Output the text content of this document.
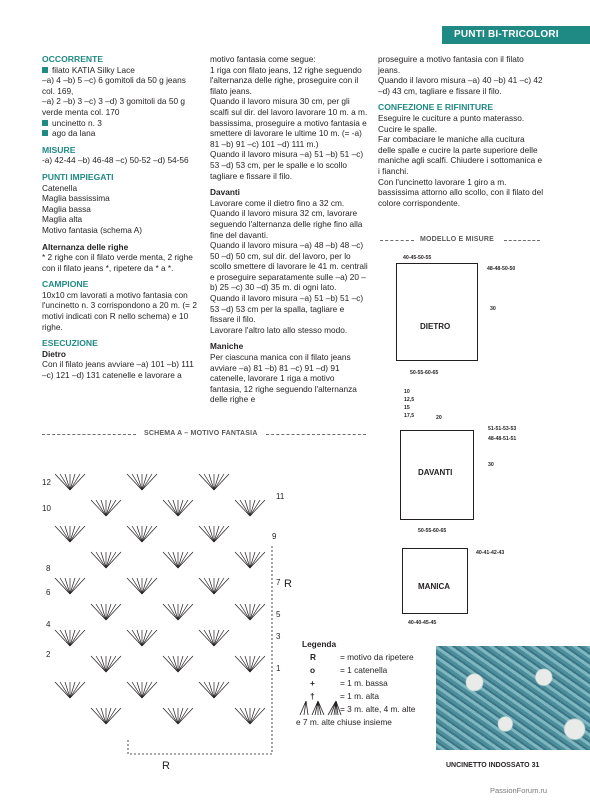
PUNTI BI-TRICOLORI

OCCORRENTE

filato KATIA Silky Lace

–a) 4 –b) 5 –c) 6 gomitoli da 50 g jeans col. 169,

–a) 2 –b) 3 –c) 3 –d) 3 gomitoli da 50 g verde menta col. 170

uncinetto n. 3

ago da lana

MISURE

-a) 42-44 –b) 46-48 –c) 50-52 –d) 54-56

PUNTI IMPIEGATI

Catenella

Maglia bassissima

Maglia bassa

Maglia alta

Motivo fantasia (schema A)

Alternanza delle righe

* 2 righe con il filato verde menta, 2 righe con il filato jeans *, ripetere da * a *.

CAMPIONE

10x10 cm lavorati a motivo fantasia con l'uncinetto n. 3 corrispondono a 20 m. (= 2 motivi indicati con R nello schema) e 10 righe.

ESECUZIONE

Dietro

Con il filato jeans avviare –a) 101 –b) 111 –c) 121 –d) 131 catenelle e lavorare a

motivo fantasia come segue:

1 riga con filato jeans, 12 righe seguendo l'alternanza delle righe, proseguire con il filato jeans.

Quando il lavoro misura 30 cm, per gli scalfi sul dir. del lavoro lavorare 10 m. a m. bassissima, proseguire a motivo fantasia e smettere di lavorare le ultime 10 m. (= -a) 81 –b) 91 –c) 101 –d) 111 m.)

Quando il lavoro misura –a) 51 –b) 51 –c) 53 –d) 53 cm, per le spalle e lo scollo tagliare e fissare il filo.

Davanti

Lavorare come il dietro fino a 32 cm.

Quando il lavoro misura 32 cm, lavorare seguendo l'alternanza delle righe fino alla fine del davanti.

Quando il lavoro misura –a) 48 –b) 48 –c) 50 –d) 50 cm, sul dir. del lavoro, per lo scollo smettere di lavorare le 41 m. centrali e proseguire separatamente sulle –a) 20 –b) 25 –c) 30 –d) 35 m. di ogni lato.

Quando il lavoro misura –a) 51 –b) 51 –c) 53 –d) 53 cm per la spalla, tagliare e fissare il filo.

Lavorare l'altro lato allo stesso modo.

Maniche

Per ciascuna manica con il filato jeans avviare –a) 81 –b) 81 –c) 91 –d) 91 catenelle, lavorare 1 riga a motivo fantasia, 12 righe seguendo l'alternanza delle righe e

proseguire a motivo fantasia con il filato jeans.

Quando il lavoro misura –a) 40 –b) 41 –c) 42 –d) 43 cm, tagliare e fissare il filo.

CONFEZIONE E RIFINITURE

Eseguire le cuciture a punto materasso.

Cucire le spalle.

Far combaciare le maniche alla cucitura delle spalle e cucire la parte superiore delle maniche agli scalfi. Chiudere i sottomanica e i fianchi.

Con l'uncinetto lavorare 1 giro a m. bassissima attorno allo scollo, con il filato del colore corrispondente.

MODELLO E MISURE
40-45-50-55
48-48-50-50
DIETRO
30
50-55-60-65
10
12,5
15
17,5	20
51-51-53-53
48-48-51-51
DAVANTI
30
50-55-60-65
MANICA
40-41-42-43
40-40-45-45
SCHEMA A – MOTIVO FANTASIA
12
10
8
6
4
2
11
9
7
5
3
1
R
R
Legenda
R	= motivo da ripetere
o	= 1 catenella
+	= 1 m. bassa
†	= 1 m. alta
= 3 m. alte, 4 m. alte
e 7 m. alte chiuse insieme
UNCINETTO INDOSSATO 31
PassionForum.ru
